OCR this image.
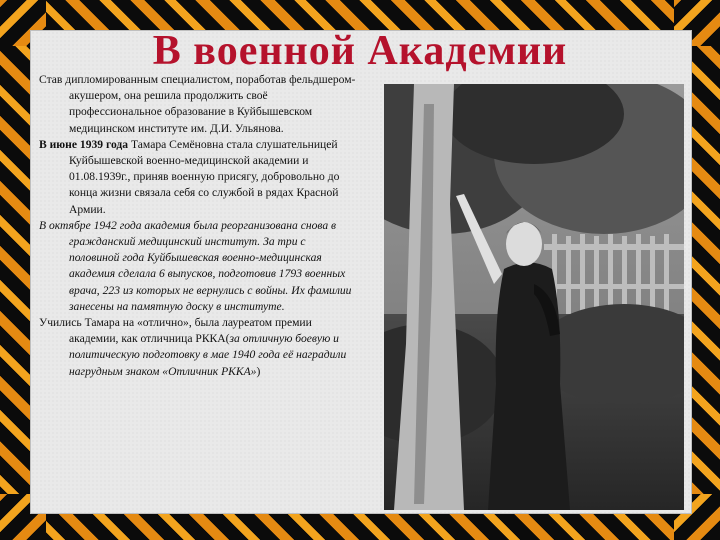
В военной Академии

Став дипломированным специалистом, поработав фельдшером-акушером, она решила продолжить своё профессиональное образование в Куйбышевском медицинском институте им. Д.И. Ульянова.

В июне 1939 года Тамара Семёновна стала слушательницей Куйбышевской военно-медицинской академии и 01.08.1939г., приняв военную присягу, добровольно до конца жизни связала себя со службой в рядах Красной Армии.

В октябре 1942 года академия была реорганизована снова в гражданский медицинский институт. За три с половиной года Куйбышевская военно-медицинская академия сделала 6 выпусков, подготовив 1793 военных врача, 223 из которых не вернулись с войны. Их фамилии занесены на памятную доску в институте.

Учились Тамара на «отлично», была лауреатом премии академии, как отличница РККА(за отличную боевую и политическую подготовку в мае 1940 года её наградили нагрудным знаком «Отличник РККА»)
